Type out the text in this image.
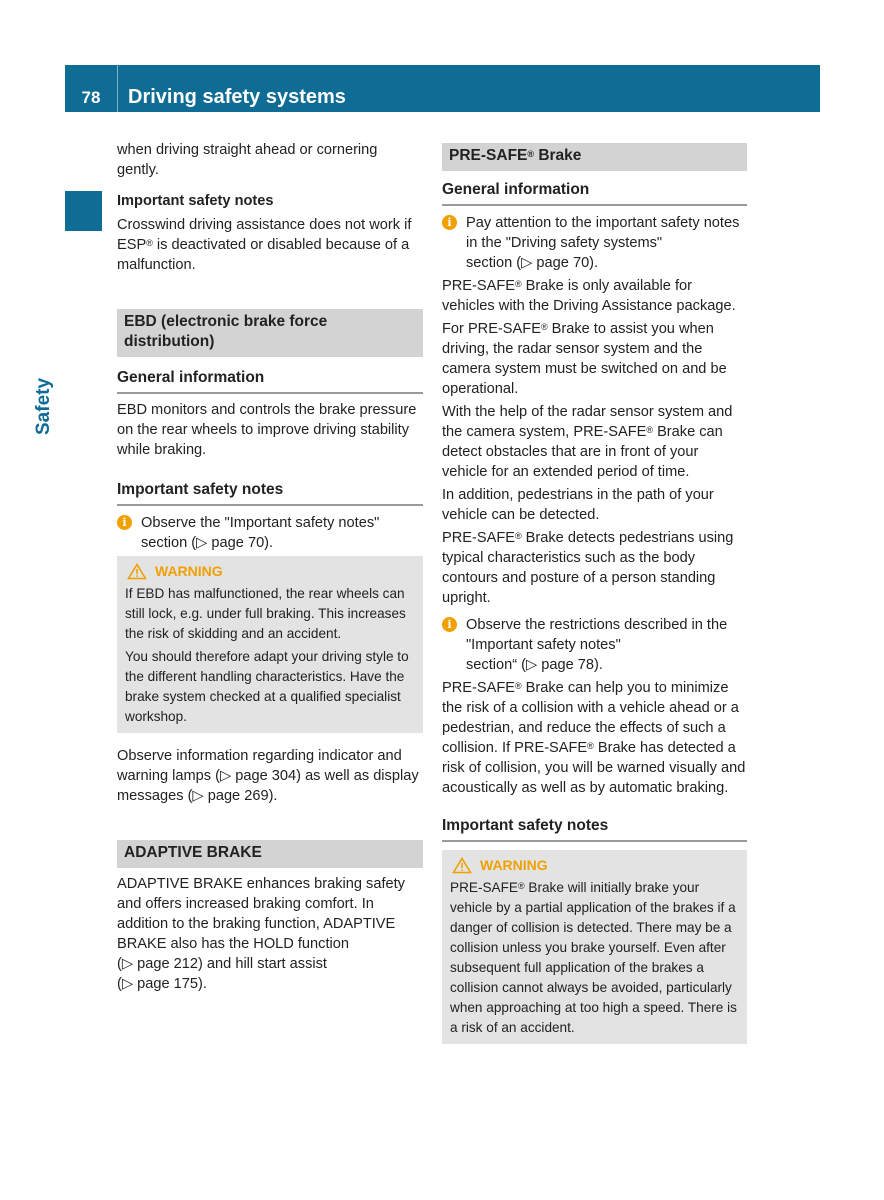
78	Driving safety systems
Safety

when driving straight ahead or cornering gently.

Important safety notes

Crosswind driving assistance does not work if ESP® is deactivated or disabled because of a malfunction.

EBD (electronic brake force distribution)
General information

EBD monitors and controls the brake pressure on the rear wheels to improve driving stability while braking.

Important safety notes
i Observe the "Important safety notes" section (▷ page 70).
WARNING

If EBD has malfunctioned, the rear wheels can still lock, e.g. under full braking. This increases the risk of skidding and an accident.

You should therefore adapt your driving style to the different handling characteristics. Have the brake system checked at a qualified specialist workshop.

Observe information regarding indicator and warning lamps (▷ page 304) as well as display messages (▷ page 269).

ADAPTIVE BRAKE

ADAPTIVE BRAKE enhances braking safety and offers increased braking comfort. In addition to the braking function, ADAPTIVE BRAKE also has the HOLD function
(▷ page 212) and hill start assist
(▷ page 175).

PRE-SAFE® Brake
General information
i Pay attention to the important safety notes in the "Driving safety systems"
section (▷ page 70).

PRE-SAFE® Brake is only available for vehicles with the Driving Assistance package.

For PRE-SAFE® Brake to assist you when driving, the radar sensor system and the camera system must be switched on and be operational.

With the help of the radar sensor system and the camera system, PRE-SAFE® Brake can detect obstacles that are in front of your vehicle for an extended period of time.

In addition, pedestrians in the path of your vehicle can be detected.

PRE-SAFE® Brake detects pedestrians using typical characteristics such as the body contours and posture of a person standing upright.

i Observe the restrictions described in the "Important safety notes"
section“ (▷ page 78).

PRE-SAFE® Brake can help you to minimize the risk of a collision with a vehicle ahead or a pedestrian, and reduce the effects of such a collision. If PRE-SAFE® Brake has detected a risk of collision, you will be warned visually and acoustically as well as by automatic braking.

Important safety notes
WARNING

PRE-SAFE® Brake will initially brake your vehicle by a partial application of the brakes if a danger of collision is detected. There may be a collision unless you brake yourself. Even after subsequent full application of the brakes a collision cannot always be avoided, particularly when approaching at too high a speed. There is a risk of an accident.
